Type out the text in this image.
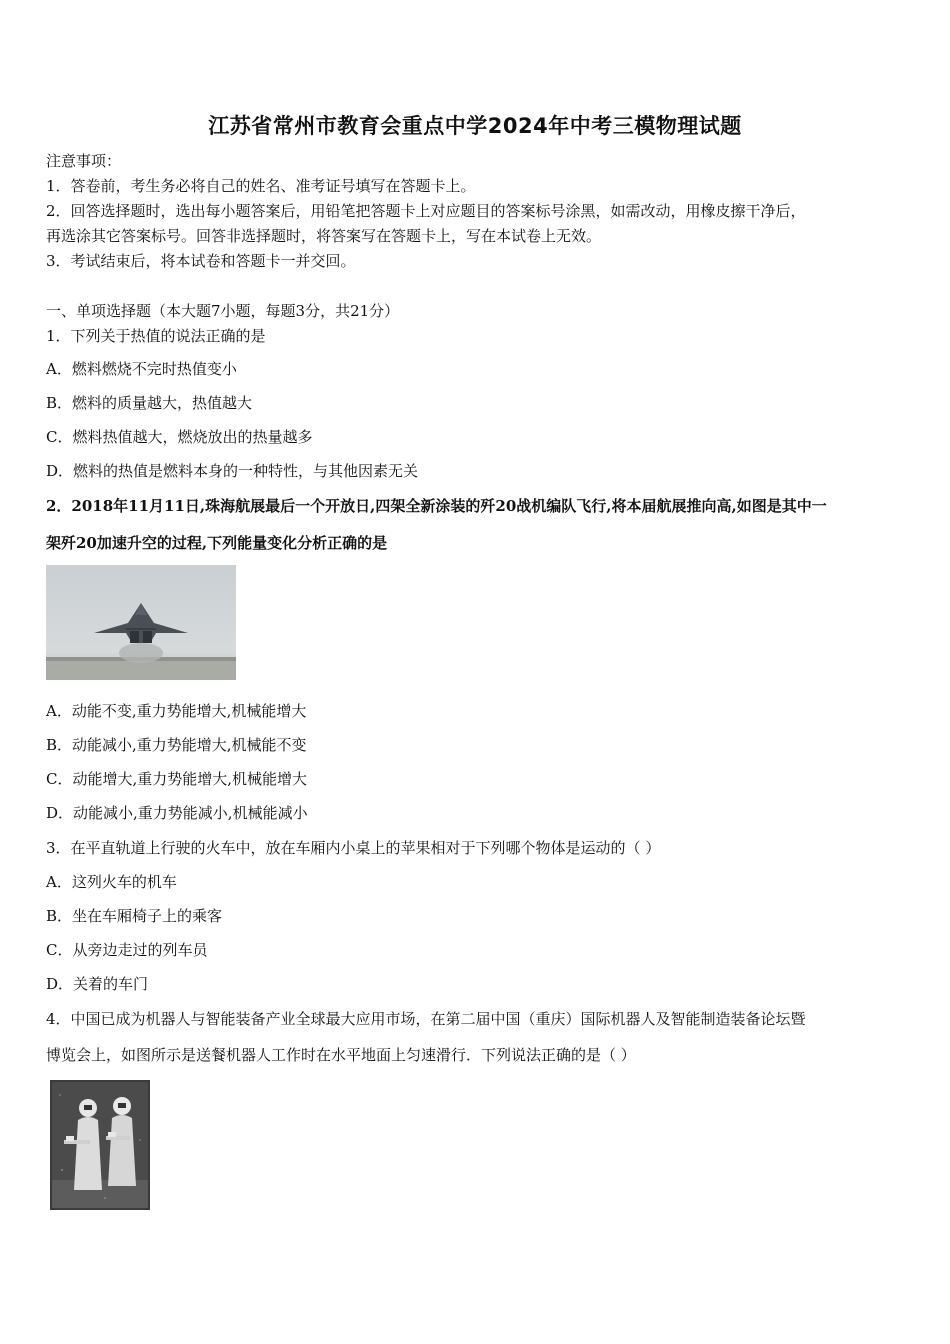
江苏省常州市教育会重点中学2024年中考三模物理试题
注意事项：
1．答卷前，考生务必将自己的姓名、准考证号填写在答题卡上。
2．回答选择题时，选出每小题答案后，用铅笔把答题卡上对应题目的答案标号涂黑，如需改动，用橡皮擦干净后，
再选涂其它答案标号。回答非选择题时，将答案写在答题卡上，写在本试卷上无效。
3．考试结束后，将本试卷和答题卡一并交回。
一、单项选择题（本大题7小题，每题3分，共21分）
1．下列关于热值的说法正确的是
A．燃料燃烧不完时热值变小
B．燃料的质量越大，热值越大
C．燃料热值越大，燃烧放出的热量越多
D．燃料的热值是燃料本身的一种特性，与其他因素无关
2．2018年11月11日,珠海航展最后一个开放日,四架全新涂装的歼20战机编队飞行,将本届航展推向高,如图是其中一
架歼20加速升空的过程,下列能量变化分析正确的是
A．动能不变,重力势能增大,机械能增大
B．动能减小,重力势能增大,机械能不变
C．动能增大,重力势能增大,机械能增大
D．动能减小,重力势能减小,机械能减小
3．在平直轨道上行驶的火车中，放在车厢内小桌上的苹果相对于下列哪个物体是运动的（ ）
A．这列火车的机车
B．坐在车厢椅子上的乘客
C．从旁边走过的列车员
D．关着的车门
4．中国已成为机器人与智能装备产业全球最大应用市场，在第二届中国（重庆）国际机器人及智能制造装备论坛暨
博览会上，如图所示是送餐机器人工作时在水平地面上匀速滑行．下列说法正确的是（ ）
